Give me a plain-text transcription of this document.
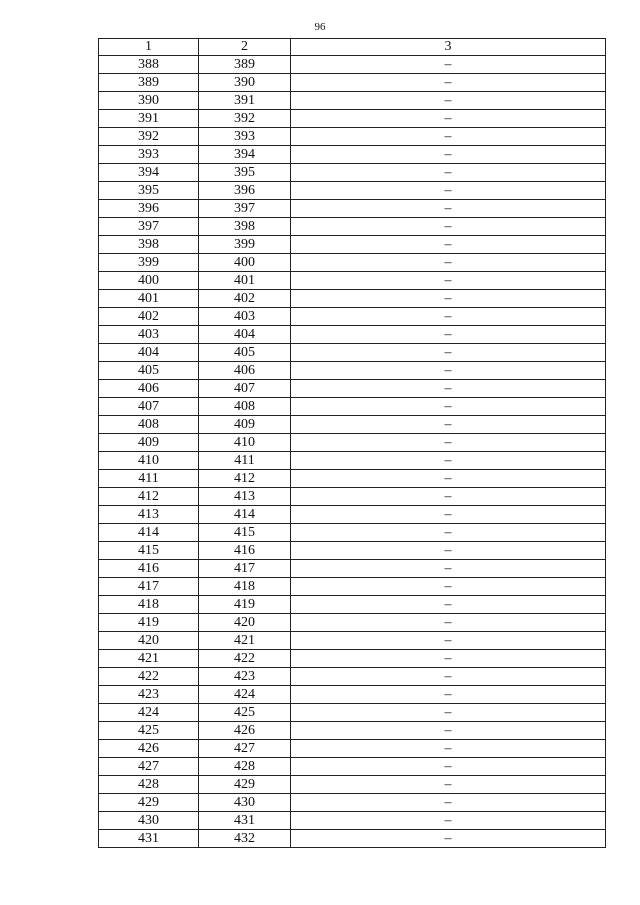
96
1	2	3
388	389	–
389	390	–
390	391	–
391	392	–
392	393	–
393	394	–
394	395	–
395	396	–
396	397	–
397	398	–
398	399	–
399	400	–
400	401	–
401	402	–
402	403	–
403	404	–
404	405	–
405	406	–
406	407	–
407	408	–
408	409	–
409	410	–
410	411	–
411	412	–
412	413	–
413	414	–
414	415	–
415	416	–
416	417	–
417	418	–
418	419	–
419	420	–
420	421	–
421	422	–
422	423	–
423	424	–
424	425	–
425	426	–
426	427	–
427	428	–
428	429	–
429	430	–
430	431	–
431	432	–
